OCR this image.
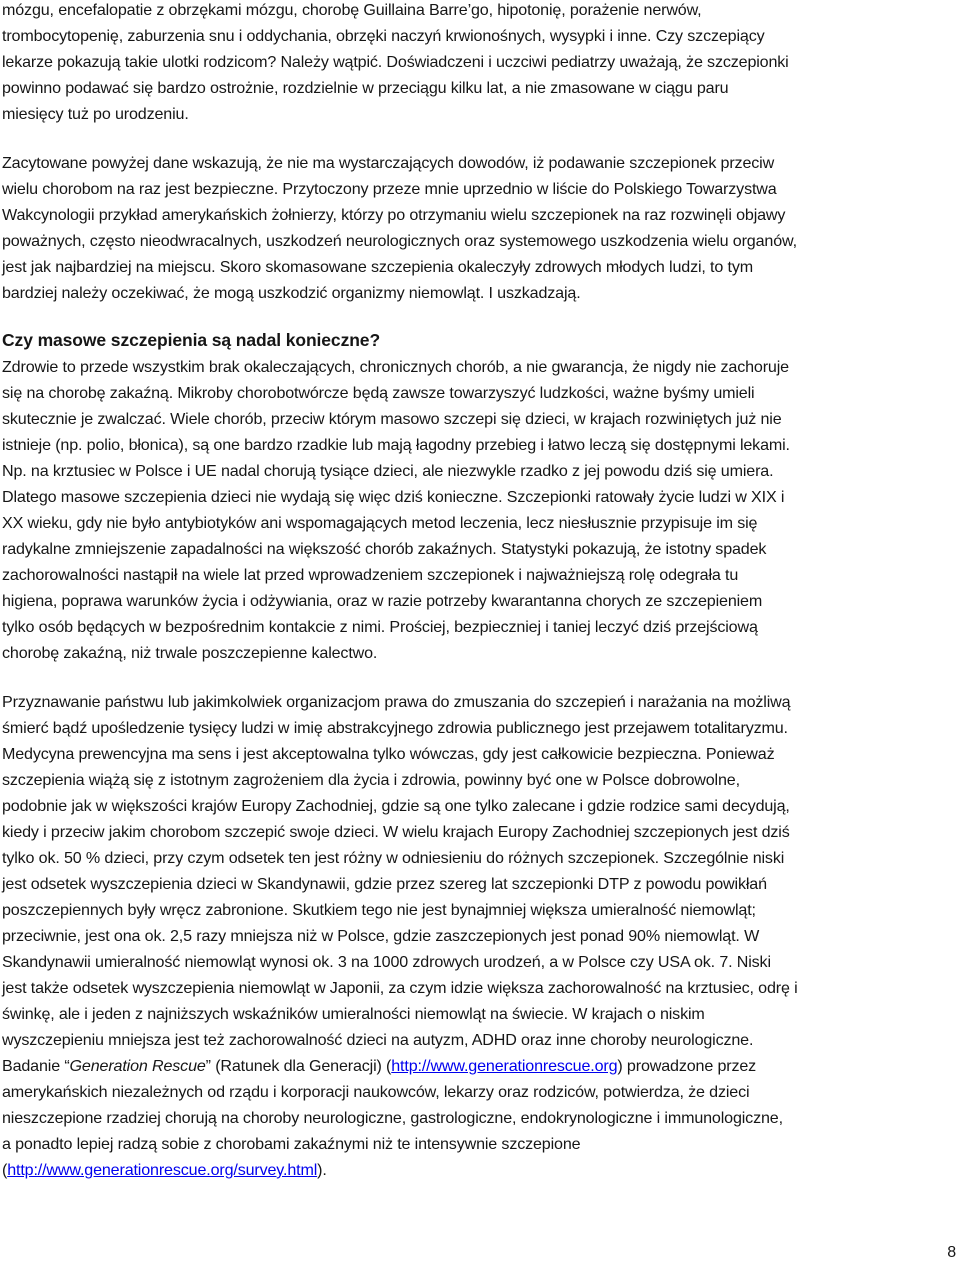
mózgu, encefalopatie z obrzękami mózgu, chorobę Guillaina Barre’go, hipotonię, porażenie nerwów,
trombocytopenię, zaburzenia snu i oddychania, obrzęki naczyń krwionośnych, wysypki i inne. Czy szczepiący
lekarze pokazują takie ulotki rodzicom? Należy wątpić. Doświadczeni i uczciwi pediatrzy uważają, że szczepionki
powinno podawać się bardzo ostrożnie, rozdzielnie w przeciągu kilku lat, a nie zmasowane w ciągu paru
miesięcy tuż po urodzeniu.
Zacytowane powyżej dane wskazują, że nie ma wystarczających dowodów, iż podawanie szczepionek przeciw
wielu chorobom na raz jest bezpieczne. Przytoczony przeze mnie uprzednio w liście do Polskiego Towarzystwa
Wakcynologii przykład amerykańskich żołnierzy, którzy po otrzymaniu wielu szczepionek na raz rozwinęli objawy
poważnych, często nieodwracalnych, uszkodzeń neurologicznych oraz systemowego uszkodzenia wielu organów,
jest jak najbardziej na miejscu. Skoro skomasowane szczepienia okaleczyły zdrowych młodych ludzi, to tym
bardziej należy oczekiwać, że mogą uszkodzić organizmy niemowląt. I uszkadzają.
Czy masowe szczepienia są nadal konieczne?
Zdrowie to przede wszystkim brak okaleczających, chronicznych chorób, a nie gwarancja, że nigdy nie zachoruje
się na chorobę zakaźną. Mikroby chorobotwórcze będą zawsze towarzyszyć ludzkości, ważne byśmy umieli
skutecznie je zwalczać. Wiele chorób, przeciw którym masowo szczepi się dzieci, w krajach rozwiniętych już nie
istnieje (np. polio, błonica), są one bardzo rzadkie lub mają łagodny przebieg i łatwo leczą się dostępnymi lekami.
Np. na krztusiec w Polsce i UE nadal chorują tysiące dzieci, ale niezwykle rzadko z jej powodu dziś się umiera.
Dlatego masowe szczepienia dzieci nie wydają się więc dziś konieczne. Szczepionki ratowały życie ludzi w XIX i
XX wieku, gdy nie było antybiotyków ani wspomagających metod leczenia, lecz niesłusznie przypisuje im się
radykalne zmniejszenie zapadalności na większość chorób zakaźnych. Statystyki pokazują, że istotny spadek
zachorowalności nastąpił na wiele lat przed wprowadzeniem szczepionek i najważniejszą rolę odegrała tu
higiena, poprawa warunków życia i odżywiania, oraz w razie potrzeby kwarantanna chorych ze szczepieniem
tylko osób będących w bezpośrednim kontakcie z nimi. Prościej, bezpieczniej i taniej leczyć dziś przejściową
chorobę zakaźną, niż trwale poszczepienne kalectwo.
Przyznawanie państwu lub jakimkolwiek organizacjom prawa do zmuszania do szczepień i narażania na możliwą
śmierć bądź upośledzenie tysięcy ludzi w imię abstrakcyjnego zdrowia publicznego jest przejawem totalitaryzmu.
Medycyna prewencyjna ma sens i jest akceptowalna tylko wówczas, gdy jest całkowicie bezpieczna. Ponieważ
szczepienia wiążą się z istotnym zagrożeniem dla życia i zdrowia, powinny być one w Polsce dobrowolne,
podobnie jak w większości krajów Europy Zachodniej, gdzie są one tylko zalecane i gdzie rodzice sami decydują,
kiedy i przeciw jakim chorobom szczepić swoje dzieci. W wielu krajach Europy Zachodniej szczepionych jest dziś
tylko ok. 50 % dzieci, przy czym odsetek ten jest różny w odniesieniu do różnych szczepionek. Szczególnie niski
jest odsetek wyszczepienia dzieci w Skandynawii, gdzie przez szereg lat szczepionki DTP z powodu powikłań
poszczepiennych były wręcz zabronione. Skutkiem tego nie jest bynajmniej większa umieralność niemowląt;
przeciwnie, jest ona ok. 2,5 razy mniejsza niż w Polsce, gdzie zaszczepionych jest ponad 90% niemowląt. W
Skandynawii umieralność niemowląt wynosi ok. 3 na 1000 zdrowych urodzeń, a w Polsce czy USA ok. 7. Niski
jest także odsetek wyszczepienia niemowląt w Japonii, za czym idzie większa zachorowalność na krztusiec, odrę i
świnkę, ale i jeden z najniższych wskaźników umieralności niemowląt na świecie. W krajach o niskim
wyszczepieniu mniejsza jest też zachorowalność dzieci na autyzm, ADHD oraz inne choroby neurologiczne.
Badanie “Generation Rescue” (Ratunek dla Generacji) (http://www.generationrescue.org) prowadzone przez
amerykańskich niezależnych od rządu i korporacji naukowców, lekarzy oraz rodziców, potwierdza, że dzieci
nieszczepione rzadziej chorują na choroby neurologiczne, gastrologiczne, endokrynologiczne i immunologiczne,
a ponadto lepiej radzą sobie z chorobami zakaźnymi niż te intensywnie szczepione
(http://www.generationrescue.org/survey.html).
8
